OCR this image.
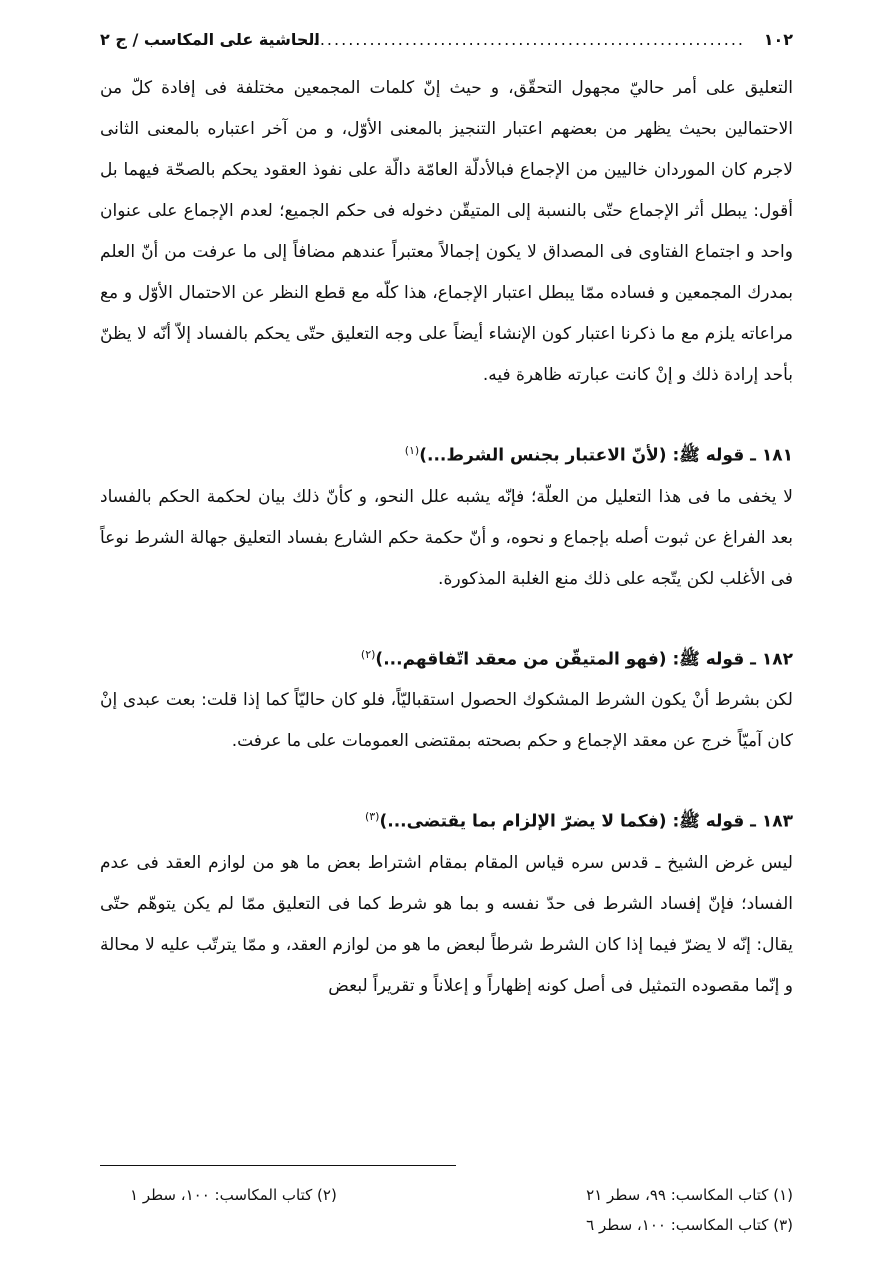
١٠٢
................................................................
الحاشية على المكاسب / ج ٢

التعليق على أمر حاليّ مجهول التحقّق، و حيث إنّ كلمات المجمعين مختلفة فى إفادة كلّ من الاحتمالين بحيث يظهر من بعضهم اعتبار التنجيز بالمعنى الأوّل، و من آخر اعتباره بالمعنى الثانى لاجرم كان الموردان خاليين من الإجماع فبالأدلّة العامّة دالّة على نفوذ العقود يحكم بالصحّة فيهما بل أقول: يبطل أثر الإجماع حتّى بالنسبة إلى المتيقّن دخوله فى حكم الجميع؛ لعدم الإجماع على عنوان واحد و اجتماع الفتاوى فى المصداق لا يكون إجمالاً معتبراً عندهم مضافاً إلى ما عرفت من أنّ العلم بمدرك المجمعين و فساده ممّا يبطل اعتبار الإجماع، هذا كلّه مع قطع النظر عن الاحتمال الأوّل و مع مراعاته يلزم مع ما ذكرنا اعتبار كون الإنشاء أيضاً على وجه التعليق حتّى يحكم بالفساد إلاّ أنّه لا يظنّ بأحد إرادة ذلك و إنْ كانت عبارته ظاهرة فيه.

١٨١ ـ قوله ﷺ: (لأنّ الاعتبار بجنس الشرط...)$^{(١)}$

لا يخفى ما فى هذا التعليل من العلّة؛ فإنّه يشبه علل النحو، و كأنّ ذلك بيان لحكمة الحكم بالفساد بعد الفراغ عن ثبوت أصله بإجماع و نحوه، و أنّ حكمة حكم الشارع بفساد التعليق جهالة الشرط نوعاً فى الأغلب لكن يتّجه على ذلك منع الغلبة المذكورة.

١٨٢ ـ قوله ﷺ: (فهو المتيقّن من معقد اتّفاقهم...)$^{(٢)}$

لكن بشرط أنْ يكون الشرط المشكوك الحصول استقباليّاً، فلو كان حاليّاً كما إذا قلت: بعت عبدى إنْ كان آميّاً خرج عن معقد الإجماع و حكم بصحته بمقتضى العمومات على ما عرفت.

١٨٣ ـ قوله ﷺ: (فكما لا يضرّ الإلزام بما يقتضى...)$^{(٣)}$

ليس غرض الشيخ ـ قدس سره قياس المقام بمقام اشتراط بعض ما هو من لوازم العقد فى عدم الفساد؛ فإنّ إفساد الشرط فى حدّ نفسه و بما هو شرط كما فى التعليق ممّا لم يكن يتوهّم حتّى يقال: إنّه لا يضرّ فيما إذا كان الشرط شرطاً لبعض ما هو من لوازم العقد، و ممّا يترتّب عليه لا محالة و إنّما مقصوده التمثيل فى أصل كونه إظهاراً و إعلاناً و تقريراً لبعض

(١) كتاب المكاسب: ٩٩، سطر ٢١
(٢) كتاب المكاسب: ١٠٠، سطر ١
(٣) كتاب المكاسب: ١٠٠، سطر ٦
